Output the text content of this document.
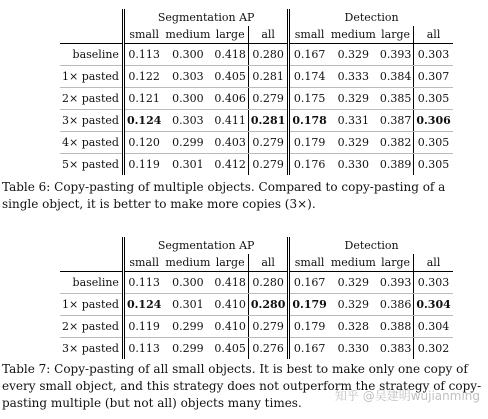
	Segmentation AP				Detection			
	small	medium	large	all	small	medium	large	all
baseline	0.113	0.300	0.418	0.280	0.167	0.329	0.393	0.303
1× pasted	0.122	0.303	0.405	0.281	0.174	0.333	0.384	0.307
2× pasted	0.121	0.300	0.406	0.279	0.175	0.329	0.385	0.305
3× pasted	0.124	0.303	0.411	0.281	0.178	0.331	0.387	0.306
4× pasted	0.120	0.299	0.403	0.279	0.179	0.329	0.382	0.305
5× pasted	0.119	0.301	0.412	0.279	0.176	0.330	0.389	0.305
Table 6: Copy-pasting of multiple objects. Compared to copy-pasting of a single object, it is better to make more copies (3×).
	Segmentation AP				Detection			
	small	medium	large	all	small	medium	large	all
baseline	0.113	0.300	0.418	0.280	0.167	0.329	0.393	0.303
1× pasted	0.124	0.301	0.410	0.280	0.179	0.329	0.386	0.304
2× pasted	0.119	0.299	0.410	0.279	0.179	0.328	0.388	0.304
3× pasted	0.113	0.299	0.405	0.276	0.167	0.330	0.383	0.302
Table 7: Copy-pasting of all small objects. It is best to make only one copy of every small object, and this strategy does not outperform the strategy of copy-pasting multiple (but not all) objects many times.	知乎 @吴建明wujianming
